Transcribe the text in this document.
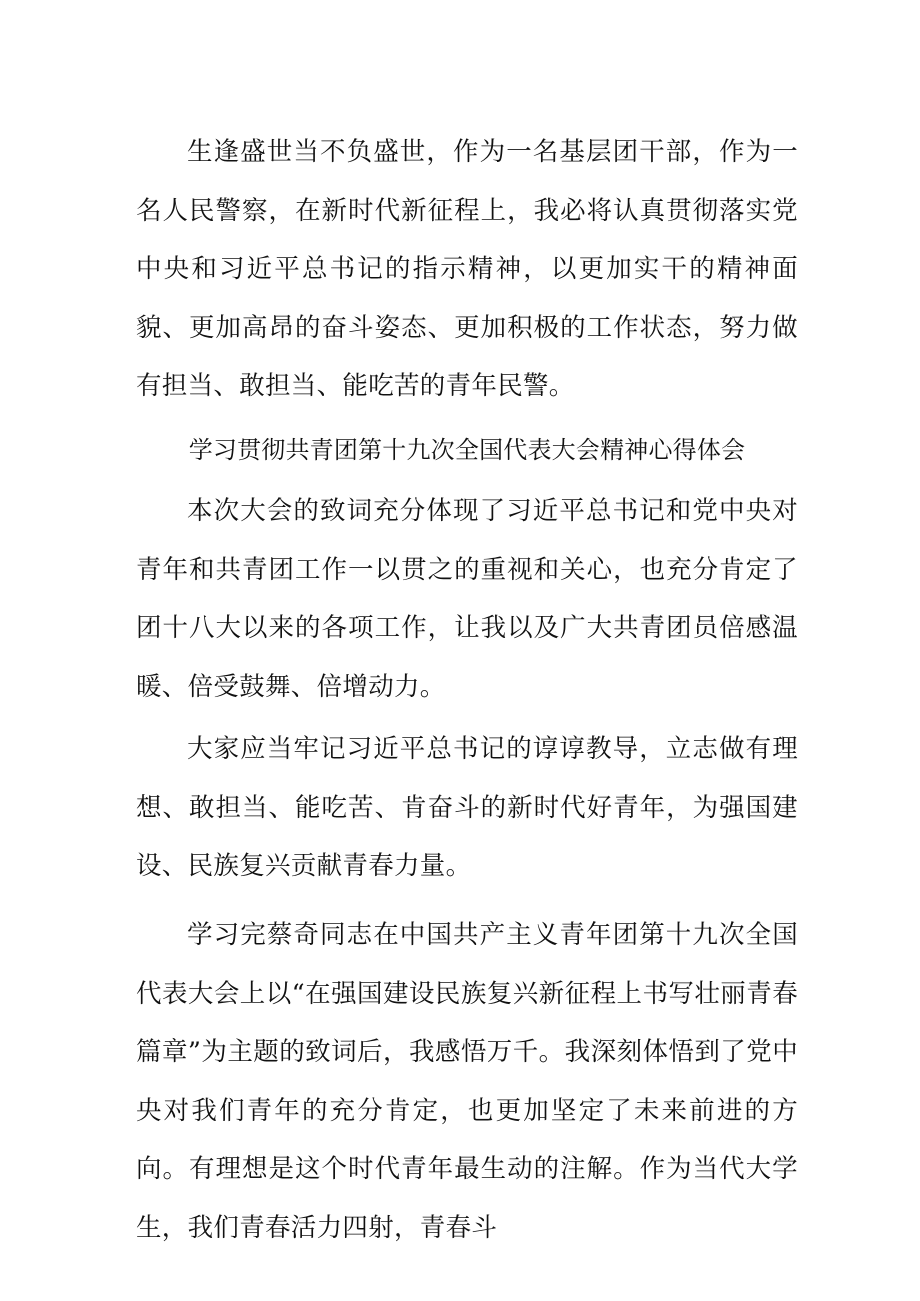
生逢盛世当不负盛世，作为一名基层团干部，作为一名人民警察，在新时代新征程上，我必将认真贯彻落实党中央和习近平总书记的指示精神，以更加实干的精神面貌、更加高昂的奋斗姿态、更加积极的工作状态，努力做有担当、敢担当、能吃苦的青年民警。

学习贯彻共青团第十九次全国代表大会精神心得体会

本次大会的致词充分体现了习近平总书记和党中央对青年和共青团工作一以贯之的重视和关心，也充分肯定了团十八大以来的各项工作，让我以及广大共青团员倍感温暖、倍受鼓舞、倍增动力。

大家应当牢记习近平总书记的谆谆教导，立志做有理想、敢担当、能吃苦、肯奋斗的新时代好青年，为强国建设、民族复兴贡献青春力量。

学习完蔡奇同志在中国共产主义青年团第十九次全国代表大会上以“在强国建设民族复兴新征程上书写壮丽青春篇章”为主题的致词后，我感悟万千。我深刻体悟到了党中央对我们青年的充分肯定，也更加坚定了未来前进的方向。有理想是这个时代青年最生动的注解。作为当代大学生，我们青春活力四射，青春斗
